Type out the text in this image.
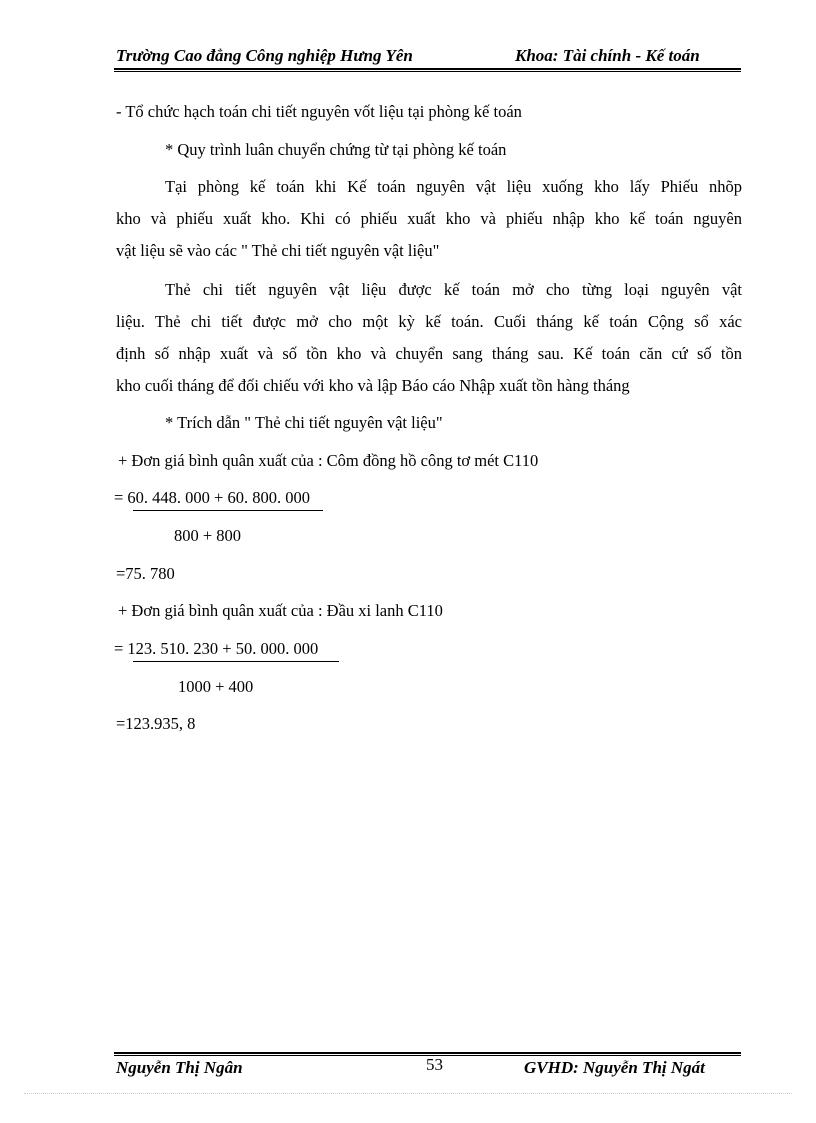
Trường Cao đẳng Công nghiệp Hưng Yên	Khoa: Tài chính - Kế toán
- Tổ chức hạch toán chi tiết nguyên vốt liệu tại phòng kế toán
* Quy trình luân chuyển chứng từ tại phòng kế toán
Tại phòng kế toán khi Kế toán nguyên vật liệu xuống kho lấy Phiếu nhõp
kho và phiếu xuất kho. Khi có phiếu xuất kho và phiếu nhập kho kế toán nguyên
vật liệu sẽ vào các " Thẻ chi tiết nguyên vật liệu"
Thẻ chi tiết nguyên vật liệu được kế toán mở cho từng loại nguyên vật
liệu. Thẻ chi tiết được mở cho một kỳ kế toán. Cuối tháng kế toán Cộng sổ xác
định số nhập xuất và số tồn kho và chuyển sang tháng sau. Kế toán căn cứ số tồn
kho cuối tháng để đối chiếu với kho và lập Báo cáo Nhập xuất tồn hàng tháng
* Trích dẫn " Thẻ chi tiết nguyên vật liệu"
+ Đơn giá bình quân xuất của : Côm đồng hồ công tơ mét C110
= 60. 448. 000 + 60. 800. 000
800 + 800
=75. 780
+ Đơn giá bình quân xuất của : Đầu xi lanh C110
= 123. 510. 230 + 50. 000. 000
1000 + 400
=123.935, 8
Nguyễn Thị Ngân	53	GVHD: Nguyễn Thị Ngát
